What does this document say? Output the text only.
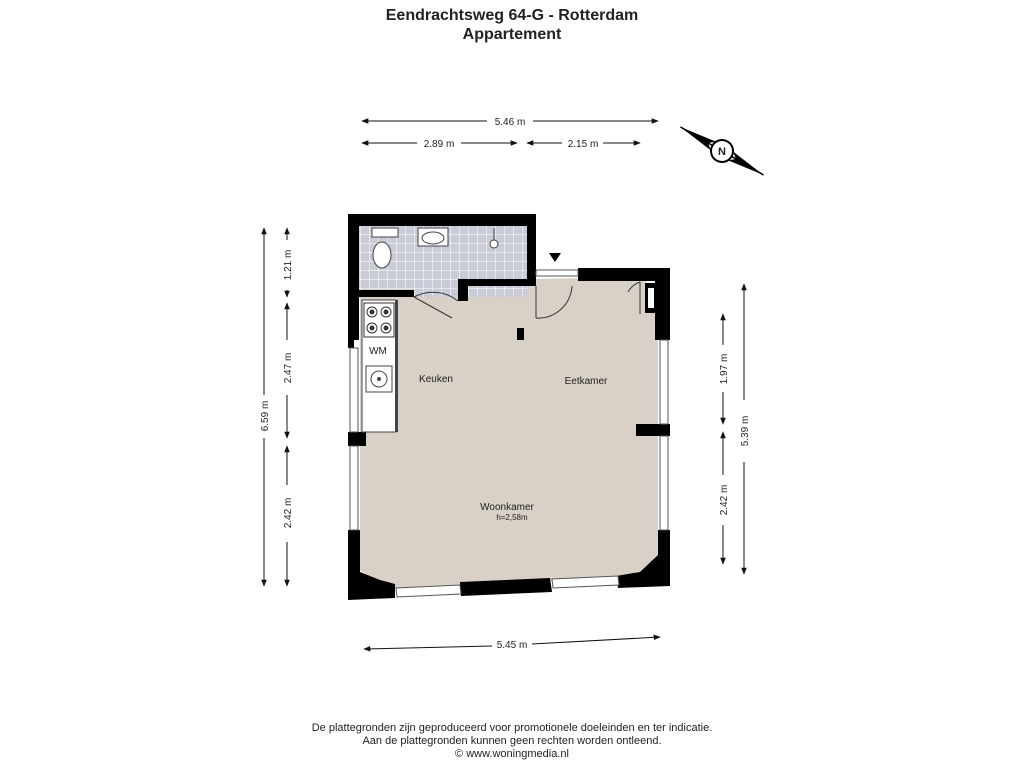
Eendrachtsweg 64-G - Rotterdam
Appartement
WM
Keuken	Eetkamer
Woonkamer
h=2,58m
5.46 m
2.89 m	2.15 m
5.45 m
6.59 m
1.21 m
2.47 m
2.42 m
5.39 m
1.97 m
2.42 m
N
De plattegronden zijn geproduceerd voor promotionele doeleinden en ter indicatie.
Aan de plattegronden kunnen geen rechten worden ontleend.
© www.woningmedia.nl
